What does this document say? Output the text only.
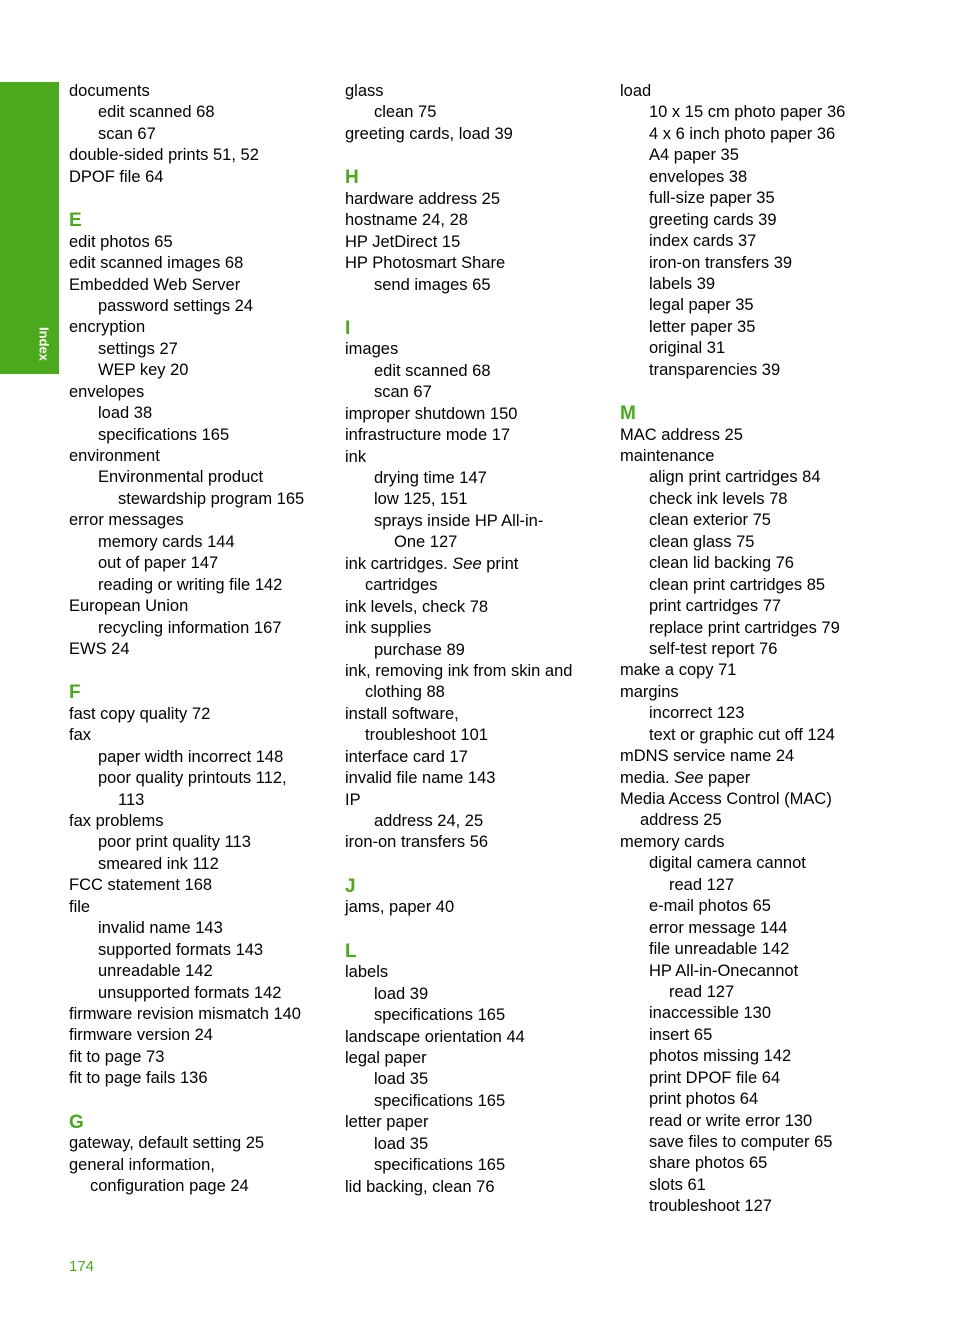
Index
documents
edit scanned 68
scan 67
double-sided prints 51, 52
DPOF file 64
E
edit photos 65
edit scanned images 68
Embedded Web Server
password settings 24
encryption
settings 27
WEP key 20
envelopes
load 38
specifications 165
environment
Environmental product
stewardship program 165
error messages
memory cards 144
out of paper 147
reading or writing file 142
European Union
recycling information 167
EWS 24
F
fast copy quality 72
fax
paper width incorrect 148
poor quality printouts 112,
113
fax problems
poor print quality 113
smeared ink 112
FCC statement 168
file
invalid name 143
supported formats 143
unreadable 142
unsupported formats 142
firmware revision mismatch 140
firmware version 24
fit to page 73
fit to page fails 136
G
gateway, default setting 25
general information,
configuration page 24
glass
clean 75
greeting cards, load 39
H
hardware address 25
hostname 24, 28
HP JetDirect 15
HP Photosmart Share
send images 65
I
images
edit scanned 68
scan 67
improper shutdown 150
infrastructure mode 17
ink
drying time 147
low 125, 151
sprays inside HP All-in-
One 127
ink cartridges. See print
cartridges
ink levels, check 78
ink supplies
purchase 89
ink, removing ink from skin and
clothing 88
install software,
troubleshoot 101
interface card 17
invalid file name 143
IP
address 24, 25
iron-on transfers 56
J
jams, paper 40
L
labels
load 39
specifications 165
landscape orientation 44
legal paper
load 35
specifications 165
letter paper
load 35
specifications 165
lid backing, clean 76
load
10 x 15 cm photo paper 36
4 x 6 inch photo paper 36
A4 paper 35
envelopes 38
full-size paper 35
greeting cards 39
index cards 37
iron-on transfers 39
labels 39
legal paper 35
letter paper 35
original 31
transparencies 39
M
MAC address 25
maintenance
align print cartridges 84
check ink levels 78
clean exterior 75
clean glass 75
clean lid backing 76
clean print cartridges 85
print cartridges 77
replace print cartridges 79
self-test report 76
make a copy 71
margins
incorrect 123
text or graphic cut off 124
mDNS service name 24
media. See paper
Media Access Control (MAC)
address 25
memory cards
digital camera cannot
read 127
e-mail photos 65
error message 144
file unreadable 142
HP All-in-Onecannot
read 127
inaccessible 130
insert 65
photos missing 142
print DPOF file 64
print photos 64
read or write error 130
save files to computer 65
share photos 65
slots 61
troubleshoot 127
174
